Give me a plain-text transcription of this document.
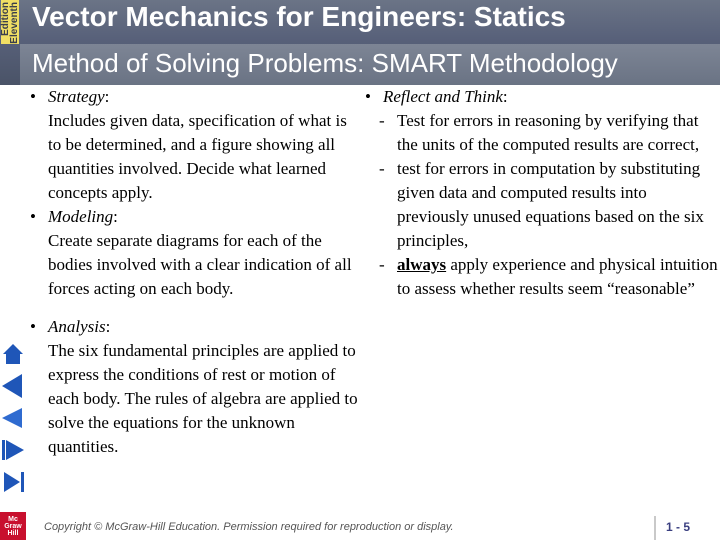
Eleventh
Edition Vector Mechanics for Engineers: Statics
Method of Solving Problems: SMART Methodology
Mc Graw Hill
• Strategy:
Includes given data, specification of what is to be determined, and a figure showing all quantities involved. Decide what learned concepts apply.
• Modeling:
Create separate diagrams for each of the bodies involved with a clear indication of all forces acting on each body.
• Analysis:
The six fundamental principles are applied to express the conditions of rest or motion of each body. The rules of algebra are applied to solve the equations for the unknown quantities.
• Reflect and Think:
- Test for errors in reasoning by verifying that the units of the computed results are correct,
- test for errors in computation by substituting given data and computed results into previously unused equations based on the six principles,
- always apply experience and physical intuition to assess whether results seem “reasonable”
Copyright © McGraw-Hill Education. Permission required for reproduction or display.	1 - 5
